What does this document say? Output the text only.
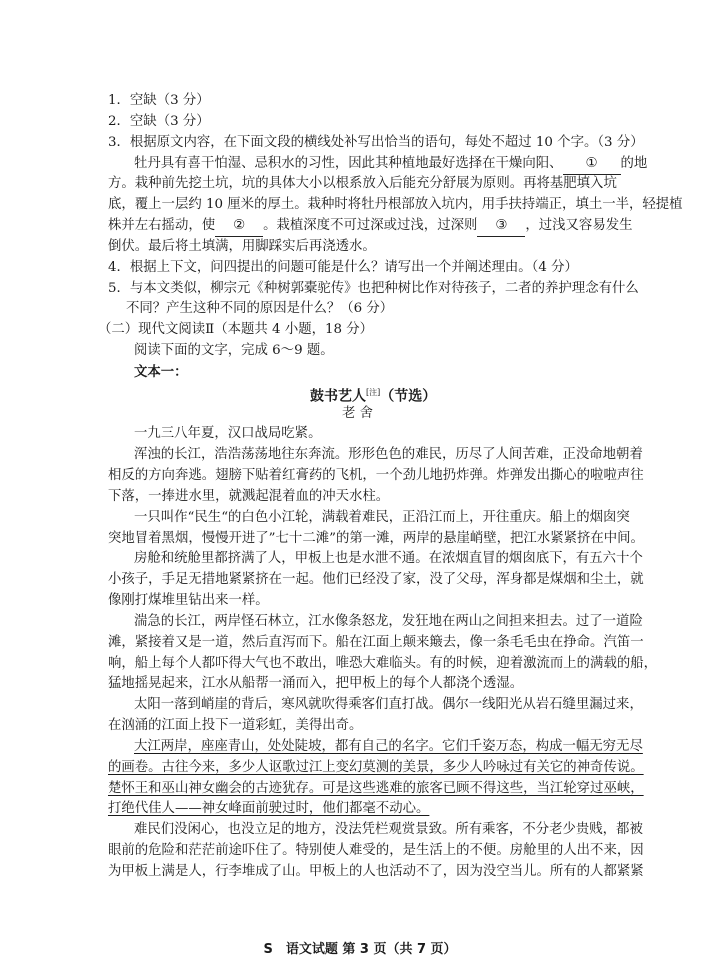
1．空缺（3 分）
2．空缺（3 分）
3．根据原文内容，在下面文段的横线处补写出恰当的语句，每处不超过 10 个字。（3 分）
牡丹具有喜干怕湿、忌积水的习性，因此其种植地最好选择在干燥向阳、 ① 的地
方。栽种前先挖土坑，坑的具体大小以根系放入后能充分舒展为原则。再将基肥填入坑
底，覆上一层约 10 厘米的厚土。栽种时将牡丹根部放入坑内，用手扶持端正，填土一半，轻提植
株并左右摇动，使 ② 。栽植深度不可过深或过浅，过深则 ③ ，过浅又容易发生
倒伏。最后将土填满，用脚踩实后再浇透水。
4．根据上下文，问四提出的问题可能是什么？请写出一个并阐述理由。（4 分）
5．与本文类似，柳宗元《种树郭橐驼传》也把种树比作对待孩子，二者的养护理念有什么
不同？产生这种不同的原因是什么？（6 分）
（二）现代文阅读Ⅱ（本题共 4 小题，18 分）
阅读下面的文字，完成 6～9 题。
文本一：
鼓书艺人[注]（节选）
老 舍
一九三八年夏，汉口战局吃紧。
浑浊的长江，浩浩荡荡地往东奔流。形形色色的难民，历尽了人间苦难，正没命地朝着
相反的方向奔逃。翅膀下贴着红膏药的飞机，一个劲儿地扔炸弹。炸弹发出撕心的啦啦声往
下落，一捧进水里，就溅起混着血的冲天水柱。
一只叫作“民生“的白色小江轮，满载着难民，正沿江而上，开往重庆。船上的烟囱突
突地冒着黑烟，慢慢开进了”七十二滩”的第一滩，两岸的悬崖峭壁，把江水紧紧挤在中间。
房舱和统舱里都挤满了人，甲板上也是水泄不通。在浓烟直冒的烟囱底下，有五六十个
小孩子，手足无措地紧紧挤在一起。他们已经没了家，没了父母，浑身都是煤烟和尘土，就
像刚打煤堆里钻出来一样。
湍急的长江，两岸怪石林立，江水像条怒龙，发狂地在两山之间担来担去。过了一道险
滩，紧接着又是一道，然后直泻而下。船在江面上颠来簸去，像一条毛毛虫在挣命。汽笛一
响，船上每个人都吓得大气也不敢出，唯恐大难临头。有的时候，迎着激流而上的满载的船，
猛地摇晃起来，江水从船帮一涌而入，把甲板上的每个人都浇个透湿。
太阳一落到峭崖的背后，寒风就吹得乘客们直打战。偶尔一线阳光从岩石缝里漏过来，
在汹涌的江面上投下一道彩虹，美得出奇。
大江两岸，座座青山，处处陡坡，都有自己的名字。它们千姿万态，构成一幅无穷无尽
的画卷。古往今来，多少人讴歌过江上变幻莫测的美景，多少人吟咏过有关它的神奇传说。
楚怀王和巫山神女幽会的古迹犹存。可是这些逃难的旅客已顾不得这些，当江轮穿过巫峡，
打绝代佳人——神女峰面前驶过时，他们都毫不动心。
难民们没闲心，也没立足的地方，没法凭栏观赏景致。所有乘客，不分老少贵贱，都被
眼前的危险和茫茫前途吓住了。特别使人难受的，是生活上的不便。房舱里的人出不来，因
为甲板上满是人，行李堆成了山。甲板上的人也活动不了，因为没空当儿。所有的人都紧紧
S　语文试题 第 3 页（共 7 页）
